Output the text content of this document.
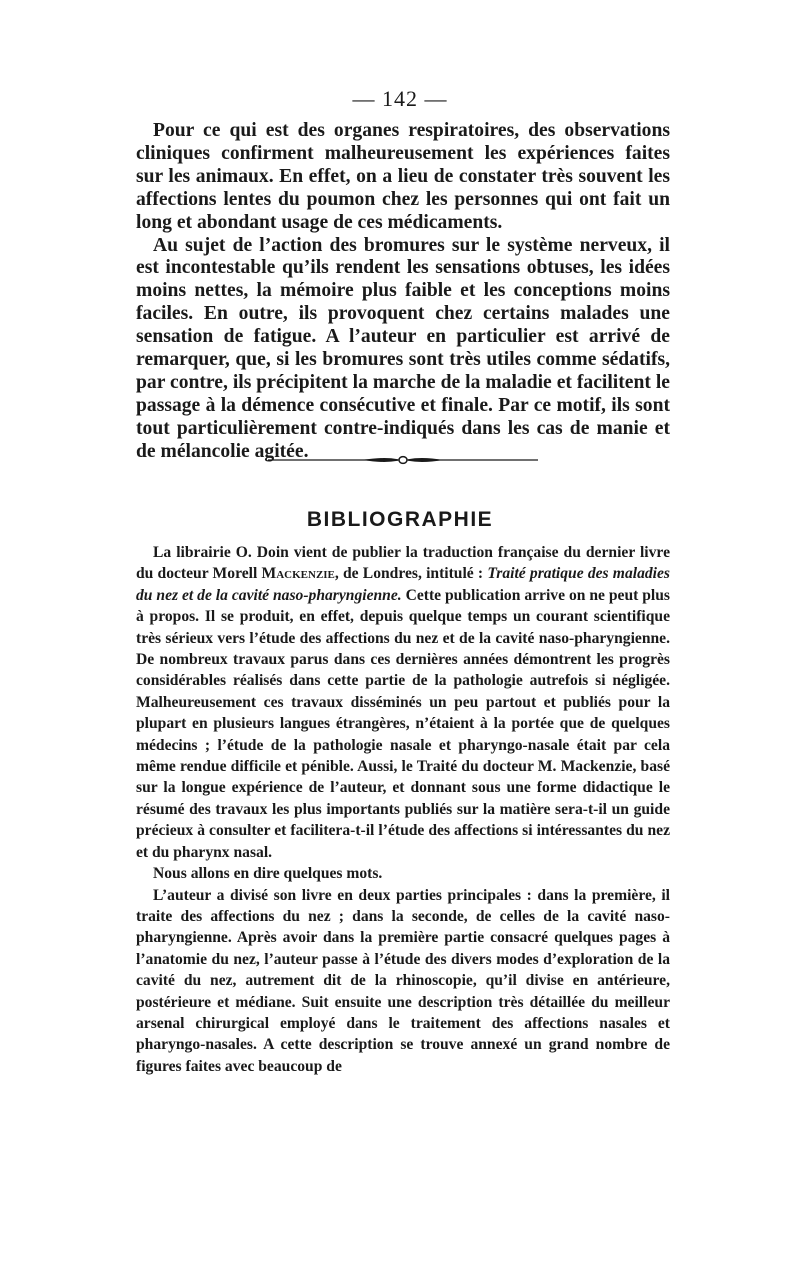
— 142 —

Pour ce qui est des organes respiratoires, des observations cliniques confirment malheureusement les expériences faites sur les animaux. En effet, on a lieu de constater très souvent les affections lentes du poumon chez les personnes qui ont fait un long et abondant usage de ces médicaments.

Au sujet de l’action des bromures sur le système nerveux, il est incontestable qu’ils rendent les sensations obtuses, les idées moins nettes, la mémoire plus faible et les conceptions moins faciles. En outre, ils provoquent chez certains malades une sensation de fatigue. A l’auteur en particulier est arrivé de remarquer, que, si les bromures sont très utiles comme sédatifs, par contre, ils précipitent la marche de la maladie et facilitent le passage à la démence consécutive et finale. Par ce motif, ils sont tout particulièrement contre-indiqués dans les cas de manie et de mélancolie agitée.

BIBLIOGRAPHIE

La librairie O. Doin vient de publier la traduction française du dernier livre du docteur Morell Mackenzie, de Londres, intitulé : Traité pratique des maladies du nez et de la cavité naso-pharyngienne. Cette publication arrive on ne peut plus à propos. Il se produit, en effet, depuis quelque temps un courant scientifique très sérieux vers l’étude des affections du nez et de la cavité naso-pharyngienne. De nombreux travaux parus dans ces dernières années démontrent les progrès considérables réalisés dans cette partie de la pathologie autrefois si négligée. Malheureusement ces travaux disséminés un peu partout et publiés pour la plupart en plusieurs langues étrangères, n’étaient à la portée que de quelques médecins ; l’étude de la pathologie nasale et pharyngo-nasale était par cela même rendue difficile et pénible. Aussi, le Traité du docteur M. Mackenzie, basé sur la longue expérience de l’auteur, et donnant sous une forme didactique le résumé des travaux les plus importants publiés sur la matière sera-t-il un guide précieux à consulter et facilitera-t-il l’étude des affections si intéressantes du nez et du pharynx nasal.

Nous allons en dire quelques mots.

L’auteur a divisé son livre en deux parties principales : dans la première, il traite des affections du nez ; dans la seconde, de celles de la cavité naso-pharyngienne. Après avoir dans la première partie consacré quelques pages à l’anatomie du nez, l’auteur passe à l’étude des divers modes d’exploration de la cavité du nez, autrement dit de la rhinoscopie, qu’il divise en antérieure, postérieure et médiane. Suit ensuite une description très détaillée du meilleur arsenal chirurgical employé dans le traitement des affections nasales et pharyngo-nasales. A cette description se trouve annexé un grand nombre de figures faites avec beaucoup de
